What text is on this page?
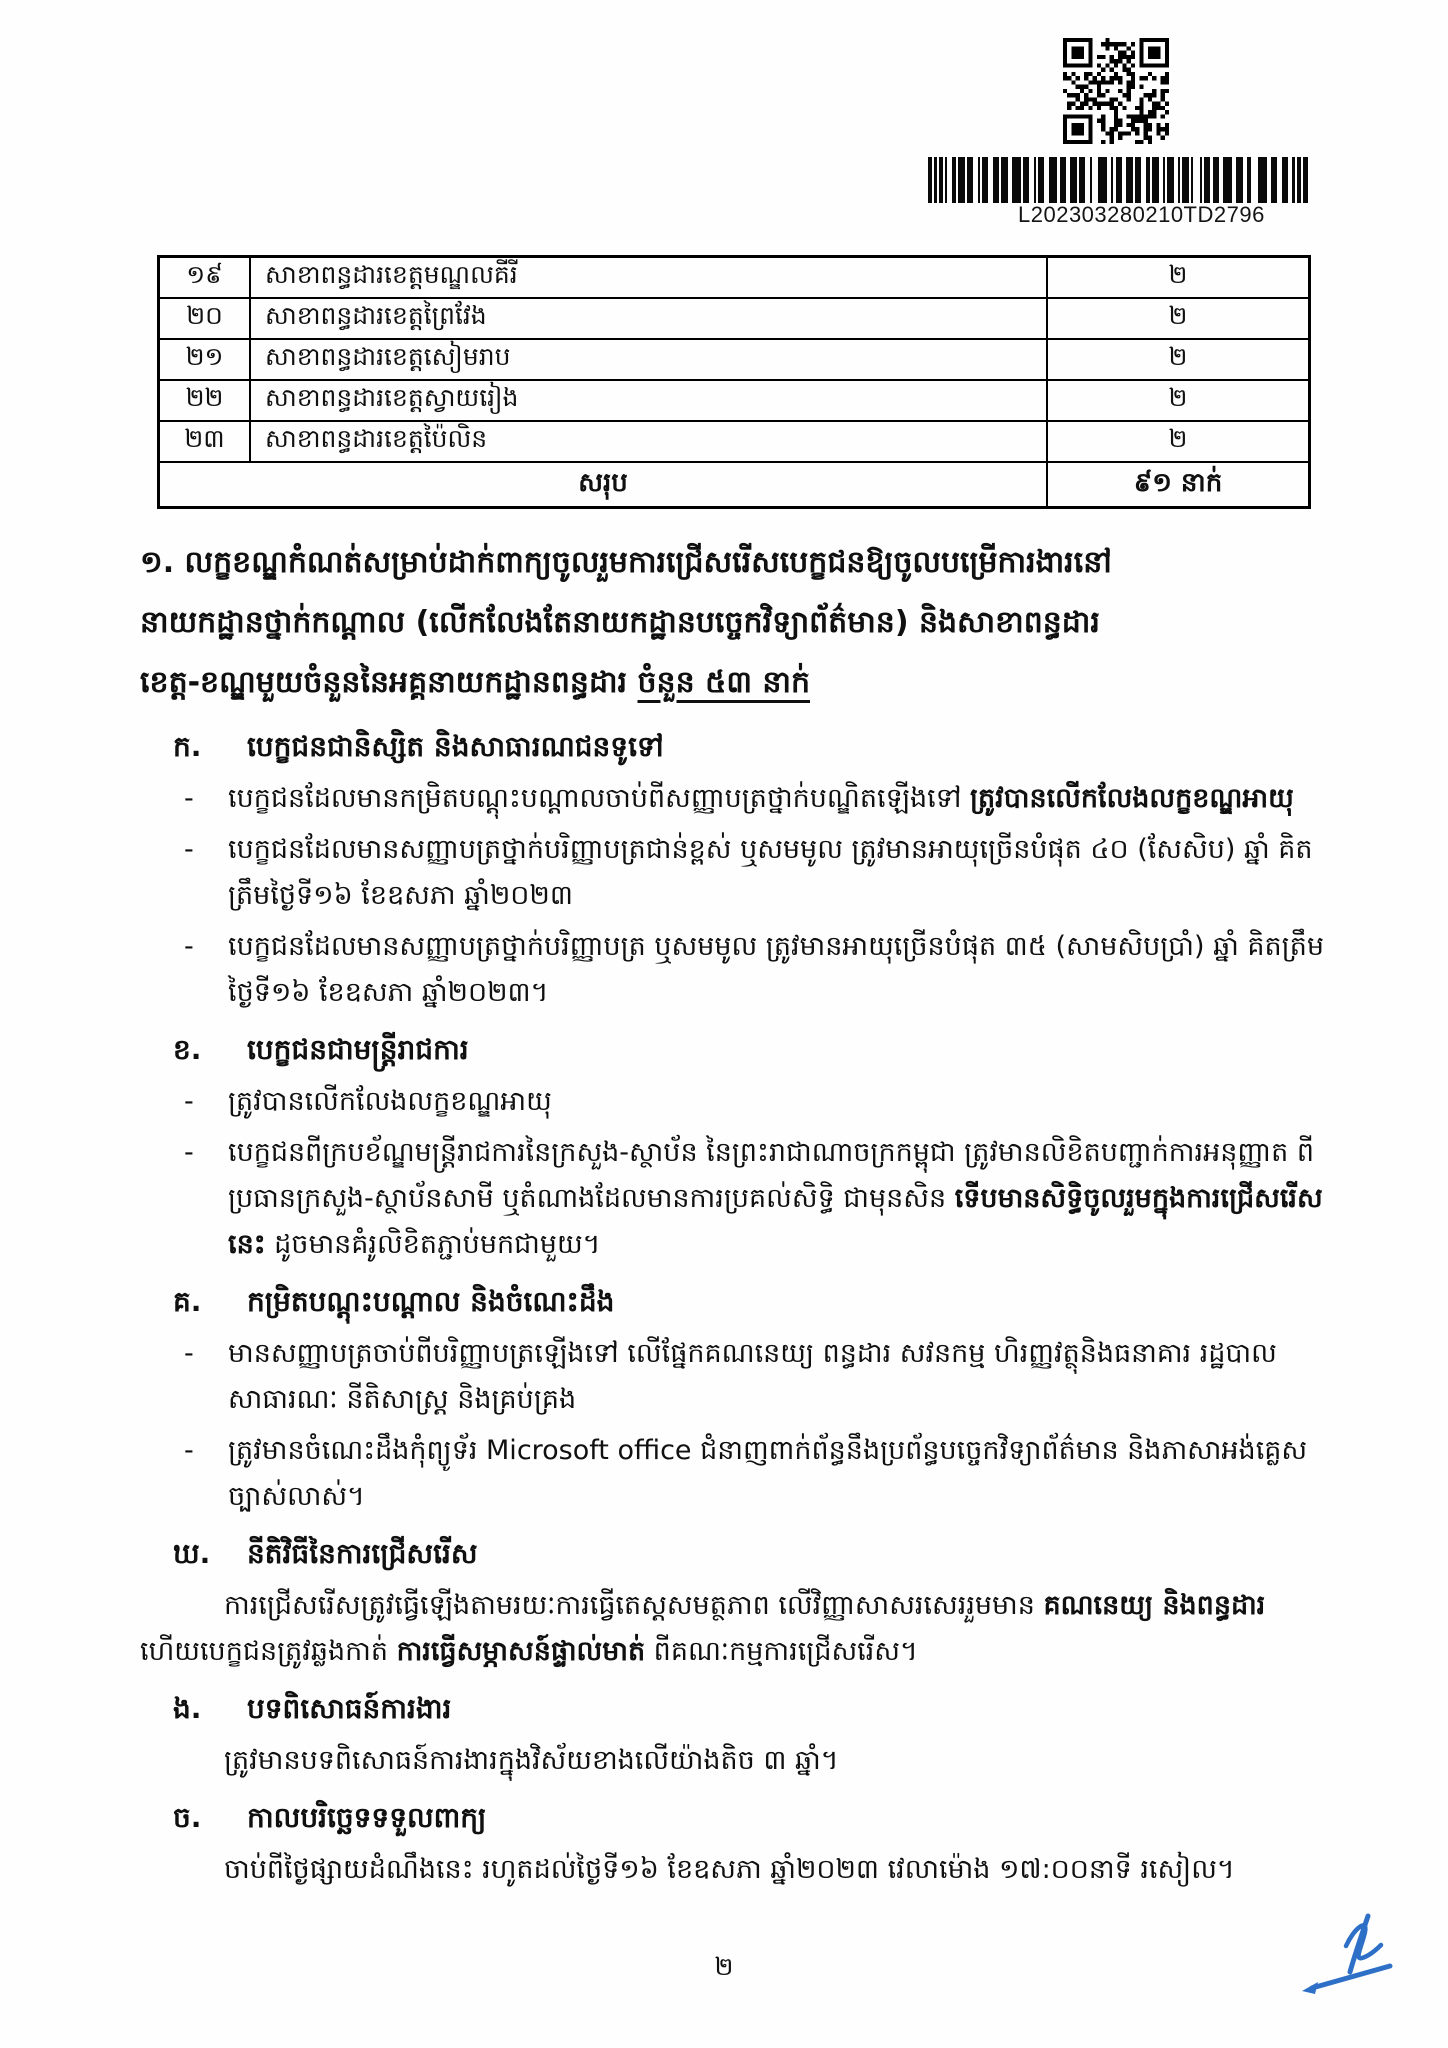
L202303280210TD2796
១៩	សាខាពន្ធដារខេត្តមណ្ឌលគីរី	២
២០	សាខាពន្ធដារខេត្តព្រៃវែង	២
២១	សាខាពន្ធដារខេត្តសៀមរាប	២
២២	សាខាពន្ធដារខេត្តស្វាយរៀង	២
២៣	សាខាពន្ធដារខេត្តប៉ៃលិន	២
សរុប		៩១ នាក់
១. លក្ខខណ្ឌកំណត់សម្រាប់ដាក់ពាក្យចូលរួមការជ្រើសរើសបេក្ខជនឱ្យចូលបម្រើការងារនៅ
នាយកដ្ឋានថ្នាក់កណ្តាល (លើកលែងតែនាយកដ្ឋានបច្ចេកវិទ្យាព័ត៌មាន) និងសាខាពន្ធដារ
ខេត្ត-ខណ្ឌមួយចំនួននៃអគ្គនាយកដ្ឋានពន្ធដារ ចំនួន ៥៣ នាក់
ក.	បេក្ខជនជានិស្សិត និងសាធារណជនទូទៅ
-	បេក្ខជនដែលមានកម្រិតបណ្ដុះបណ្ដាលចាប់ពីសញ្ញាបត្រថ្នាក់បណ្ឌិតឡើងទៅ ត្រូវបានលើកលែងលក្ខខណ្ឌអាយុ
-	បេក្ខជនដែលមានសញ្ញាបត្រថ្នាក់បរិញ្ញាបត្រជាន់ខ្ពស់ ឬសមមូល ត្រូវមានអាយុច្រើនបំផុត ៤០ (សែសិប) ឆ្នាំ គិតត្រឹមថ្ងៃទី១៦ ខែឧសភា ឆ្នាំ២០២៣
-	បេក្ខជនដែលមានសញ្ញាបត្រថ្នាក់បរិញ្ញាបត្រ ឬសមមូល ត្រូវមានអាយុច្រើនបំផុត ៣៥ (សាមសិបប្រាំ) ឆ្នាំ គិតត្រឹមថ្ងៃទី១៦ ខែឧសភា ឆ្នាំ២០២៣។
ខ.	បេក្ខជនជាមន្ត្រីរាជការ
-	ត្រូវបានលើកលែងលក្ខខណ្ឌអាយុ
-	បេក្ខជនពីក្របខ័ណ្ឌមន្ត្រីរាជការនៃក្រសួង-ស្ថាប័ន នៃព្រះរាជាណាចក្រកម្ពុជា ត្រូវមានលិខិតបញ្ជាក់ការអនុញ្ញាត ពីប្រធានក្រសួង-ស្ថាប័នសាមី ឬតំណាងដែលមានការប្រគល់សិទ្ធិ ជាមុនសិន ទើបមានសិទ្ធិចូលរួមក្នុងការជ្រើសរើសនេះ ដូចមានគំរូលិខិតភ្ជាប់មកជាមួយ។
គ.	កម្រិតបណ្ដុះបណ្ដាល និងចំណេះដឹង
-	មានសញ្ញាបត្រចាប់ពីបរិញ្ញាបត្រឡើងទៅ លើផ្នែកគណនេយ្យ ពន្ធដារ សវនកម្ម ហិរញ្ញវត្ថុនិងធនាគារ រដ្ឋបាល សាធារណៈ នីតិសាស្ត្រ និងគ្រប់គ្រង
-	ត្រូវមានចំណេះដឹងកុំព្យូទ័រ Microsoft office ជំនាញពាក់ព័ន្ធនឹងប្រព័ន្ធបច្ចេកវិទ្យាព័ត៌មាន និងភាសាអង់គ្លេស ច្បាស់លាស់។
ឃ.	នីតិវិធីនៃការជ្រើសរើស

ការជ្រើសរើសត្រូវធ្វើឡើងតាមរយៈការធ្វើតេស្តសមត្ថភាព លើវិញ្ញាសាសរសេររួមមាន គណនេយ្យ និងពន្ធដារ ហើយបេក្ខជនត្រូវឆ្លងកាត់ ការធ្វើសម្ភាសន៍ផ្ទាល់មាត់ ពីគណៈកម្មការជ្រើសរើស។

ង.	បទពិសោធន៍ការងារ

ត្រូវមានបទពិសោធន៍ការងារក្នុងវិស័យខាងលើយ៉ាងតិច ៣ ឆ្នាំ។

ច.	កាលបរិច្ឆេទទទួលពាក្យ

ចាប់ពីថ្ងៃផ្សាយដំណឹងនេះ រហូតដល់ថ្ងៃទី១៦ ខែឧសភា ឆ្នាំ២០២៣ វេលាម៉ោង ១៧:០០នាទី រសៀល។

២
